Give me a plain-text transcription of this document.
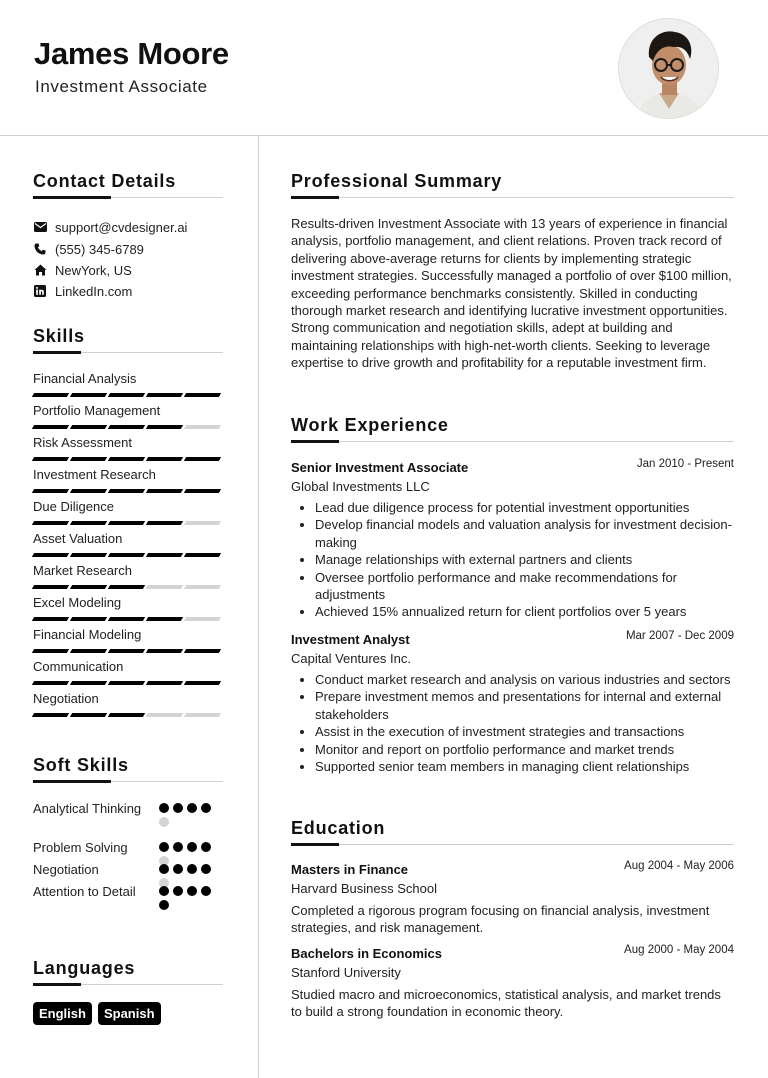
James Moore
Investment Associate
Contact Details
support@cvdesigner.ai
(555) 345-6789
NewYork, US
LinkedIn.com
Skills
Financial Analysis
Portfolio Management
Risk Assessment
Investment Research
Due Diligence
Asset Valuation
Market Research
Excel Modeling
Financial Modeling
Communication
Negotiation
Soft Skills
Analytical Thinking
Problem Solving
Negotiation
Attention to Detail
Languages
English	Spanish
Professional Summary
Results-driven Investment Associate with 13 years of experience in financial analysis, portfolio management, and client relations. Proven track record of delivering above-average returns for clients by implementing strategic investment strategies. Successfully managed a portfolio of over $100 million, exceeding performance benchmarks consistently. Skilled in conducting thorough market research and identifying lucrative investment opportunities. Strong communication and negotiation skills, adept at building and maintaining relationships with high-net-worth clients. Seeking to leverage expertise to drive growth and profitability for a reputable investment firm.
Work Experience
Senior Investment Associate	Jan 2010 - Present
Global Investments LLC
• Lead due diligence process for potential investment opportunities
• Develop financial models and valuation analysis for investment decision-making
• Manage relationships with external partners and clients
• Oversee portfolio performance and make recommendations for adjustments
• Achieved 15% annualized return for client portfolios over 5 years
Investment Analyst	Mar 2007 - Dec 2009
Capital Ventures Inc.
• Conduct market research and analysis on various industries and sectors
• Prepare investment memos and presentations for internal and external stakeholders
• Assist in the execution of investment strategies and transactions
• Monitor and report on portfolio performance and market trends
• Supported senior team members in managing client relationships
Education
Masters in Finance	Aug 2004 - May 2006
Harvard Business School
Completed a rigorous program focusing on financial analysis, investment strategies, and risk management.
Bachelors in Economics	Aug 2000 - May 2004
Stanford University
Studied macro and microeconomics, statistical analysis, and market trends to build a strong foundation in economic theory.
